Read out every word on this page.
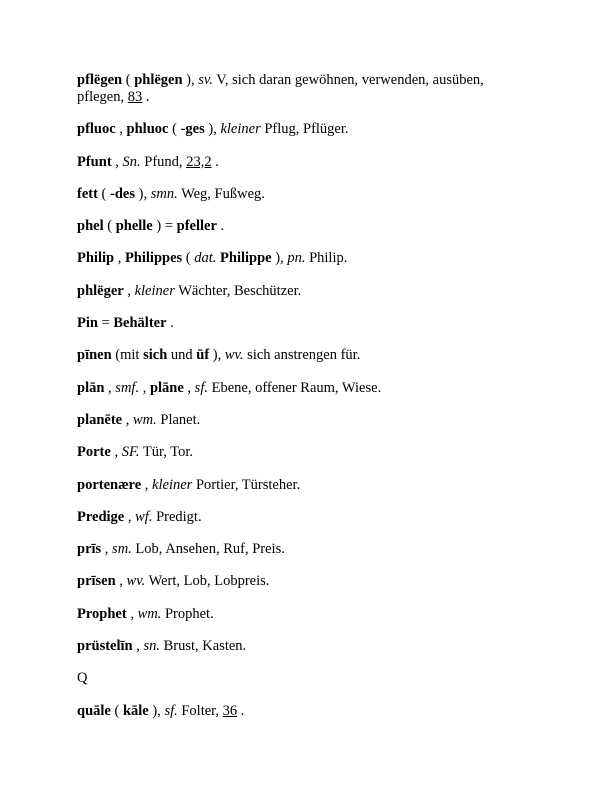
pflëgen ( phlëgen ), sv. V, sich daran gewöhnen, verwenden, ausüben, pflegen, 83 .

pfluoc , phluoc ( -ges ), kleiner Pflug, Pflüger.

Pfunt , Sn. Pfund, 23,2 .

fett ( -des ), smn. Weg, Fußweg.

phel ( phelle ) = pfeller .

Philip , Philippes ( dat. Philippe ), pn. Philip.

phlëger , kleiner Wächter, Beschützer.

Pin = Behälter .

pīnen (mit sich und ūf ), wv. sich anstrengen für.

plān , smf. , plāne , sf. Ebene, offener Raum, Wiese.

planēte , wm. Planet.

Porte , SF. Tür, Tor.

portenære , kleiner Portier, Türsteher.

Predige , wf. Predigt.

prīs , sm. Lob, Ansehen, Ruf, Preis.

prīsen , wv. Wert, Lob, Lobpreis.

Prophet , wm. Prophet.

prüstelīn , sn. Brust, Kasten.

Q

quāle ( kāle ), sf. Folter, 36 .
